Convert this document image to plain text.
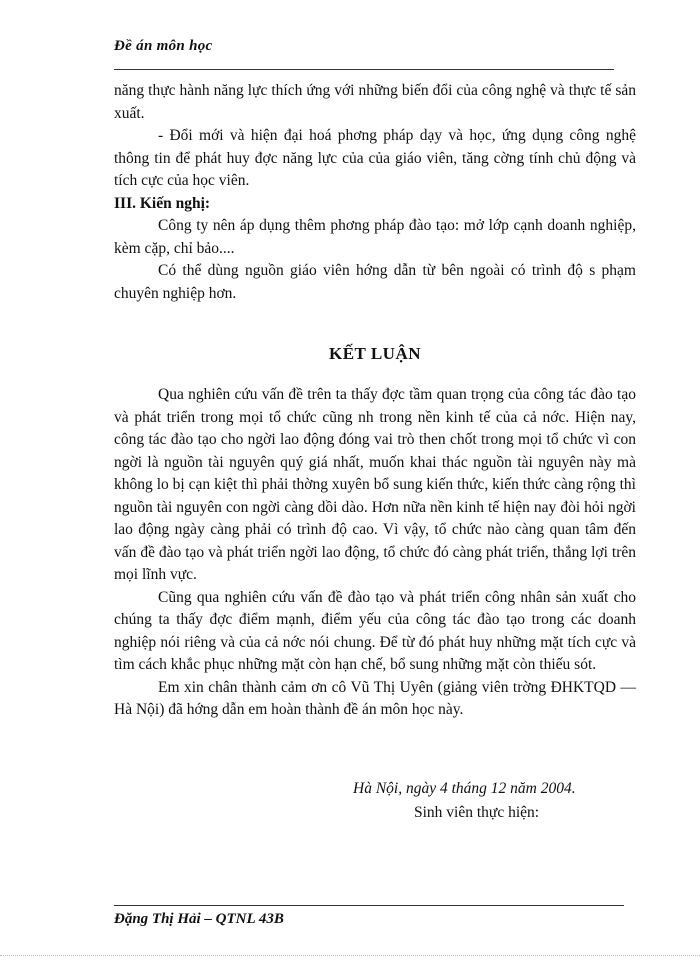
Đề án môn học

năng thực hành năng lực thích ứng với những biến đổi của công nghệ và thực tế sản xuất.

- Đổi mới và hiện đại hoá phơng pháp dạy và học, ứng dụng công nghệ thông tin để phát huy đợc năng lực của của giáo viên, tăng cờng tính chủ động và tích cực của học viên.

III. Kiến nghị:

Công ty nên áp dụng thêm phơng pháp đào tạo: mở lớp cạnh doanh nghiệp, kèm cặp, chỉ bảo....

Có thể dùng nguồn giáo viên hớng dẫn từ bên ngoài có trình độ s phạm chuyên nghiệp hơn.

KẾT LUẬN

Qua nghiên cứu vấn đề trên ta thấy đợc tầm quan trọng của công tác đào tạo và phát triển trong mọi tổ chức cũng nh trong nền kinh tế của cả nớc. Hiện nay, công tác đào tạo cho ngời lao động đóng vai trò then chốt trong mọi tổ chức vì con ngời là nguồn tài nguyên quý giá nhất, muốn khai thác nguồn tài nguyên này mà không lo bị cạn kiệt thì phải thờng xuyên bổ sung kiến thức, kiến thức càng rộng thì nguồn tài nguyên con ngời càng dồi dào. Hơn nữa nền kinh tế hiện nay đòi hỏi ngời lao động ngày càng phải có trình độ cao. Vì vậy, tổ chức nào càng quan tâm đến vấn đề đào tạo và phát triển ngời lao động, tổ chức đó càng phát triển, thắng lợi trên mọi lĩnh vực.

Cũng qua nghiên cứu vấn đề đào tạo và phát triển công nhân sản xuất cho chúng ta thấy đợc điểm mạnh, điểm yếu của công tác đào tạo trong các doanh nghiệp nói riêng và của cả nớc nói chung. Để từ đó phát huy những mặt tích cực và tìm cách khắc phục những mặt còn hạn chế, bổ sung những mặt còn thiếu sót.

Em xin chân thành cảm ơn cô Vũ Thị Uyên (giảng viên trờng ĐHKTQD — Hà Nội) đã hớng dẫn em hoàn thành đề án môn học này.

Hà Nội, ngày 4 tháng 12 năm 2004.
Sinh viên thực hiện:
Đặng Thị Hải – QTNL 43B
